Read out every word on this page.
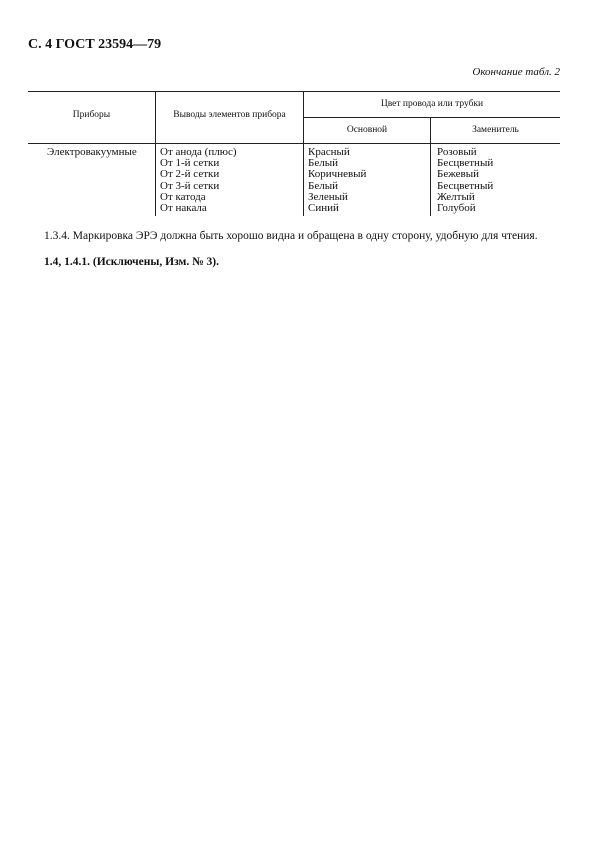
С. 4 ГОСТ 23594—79
Окончание табл. 2
Приборы	Выводы элементов прибора
Цвет провода или трубки
Основной	Заменитель
Электровакуумные От анода (плюс)
От 1-й сетки
От 2-й сетки
От 3-й сетки
От катода
От накала
Красный
Белый
Коричневый
Белый
Зеленый
Синий
Розовый
Бесцветный
Бежевый
Бесцветный
Желтый
Голубой
1.3.4. Маркировка ЭРЭ должна быть хорошо видна и обращена в одну сторону, удобную для чтения.
1.4, 1.4.1. (Исключены, Изм. № 3).
